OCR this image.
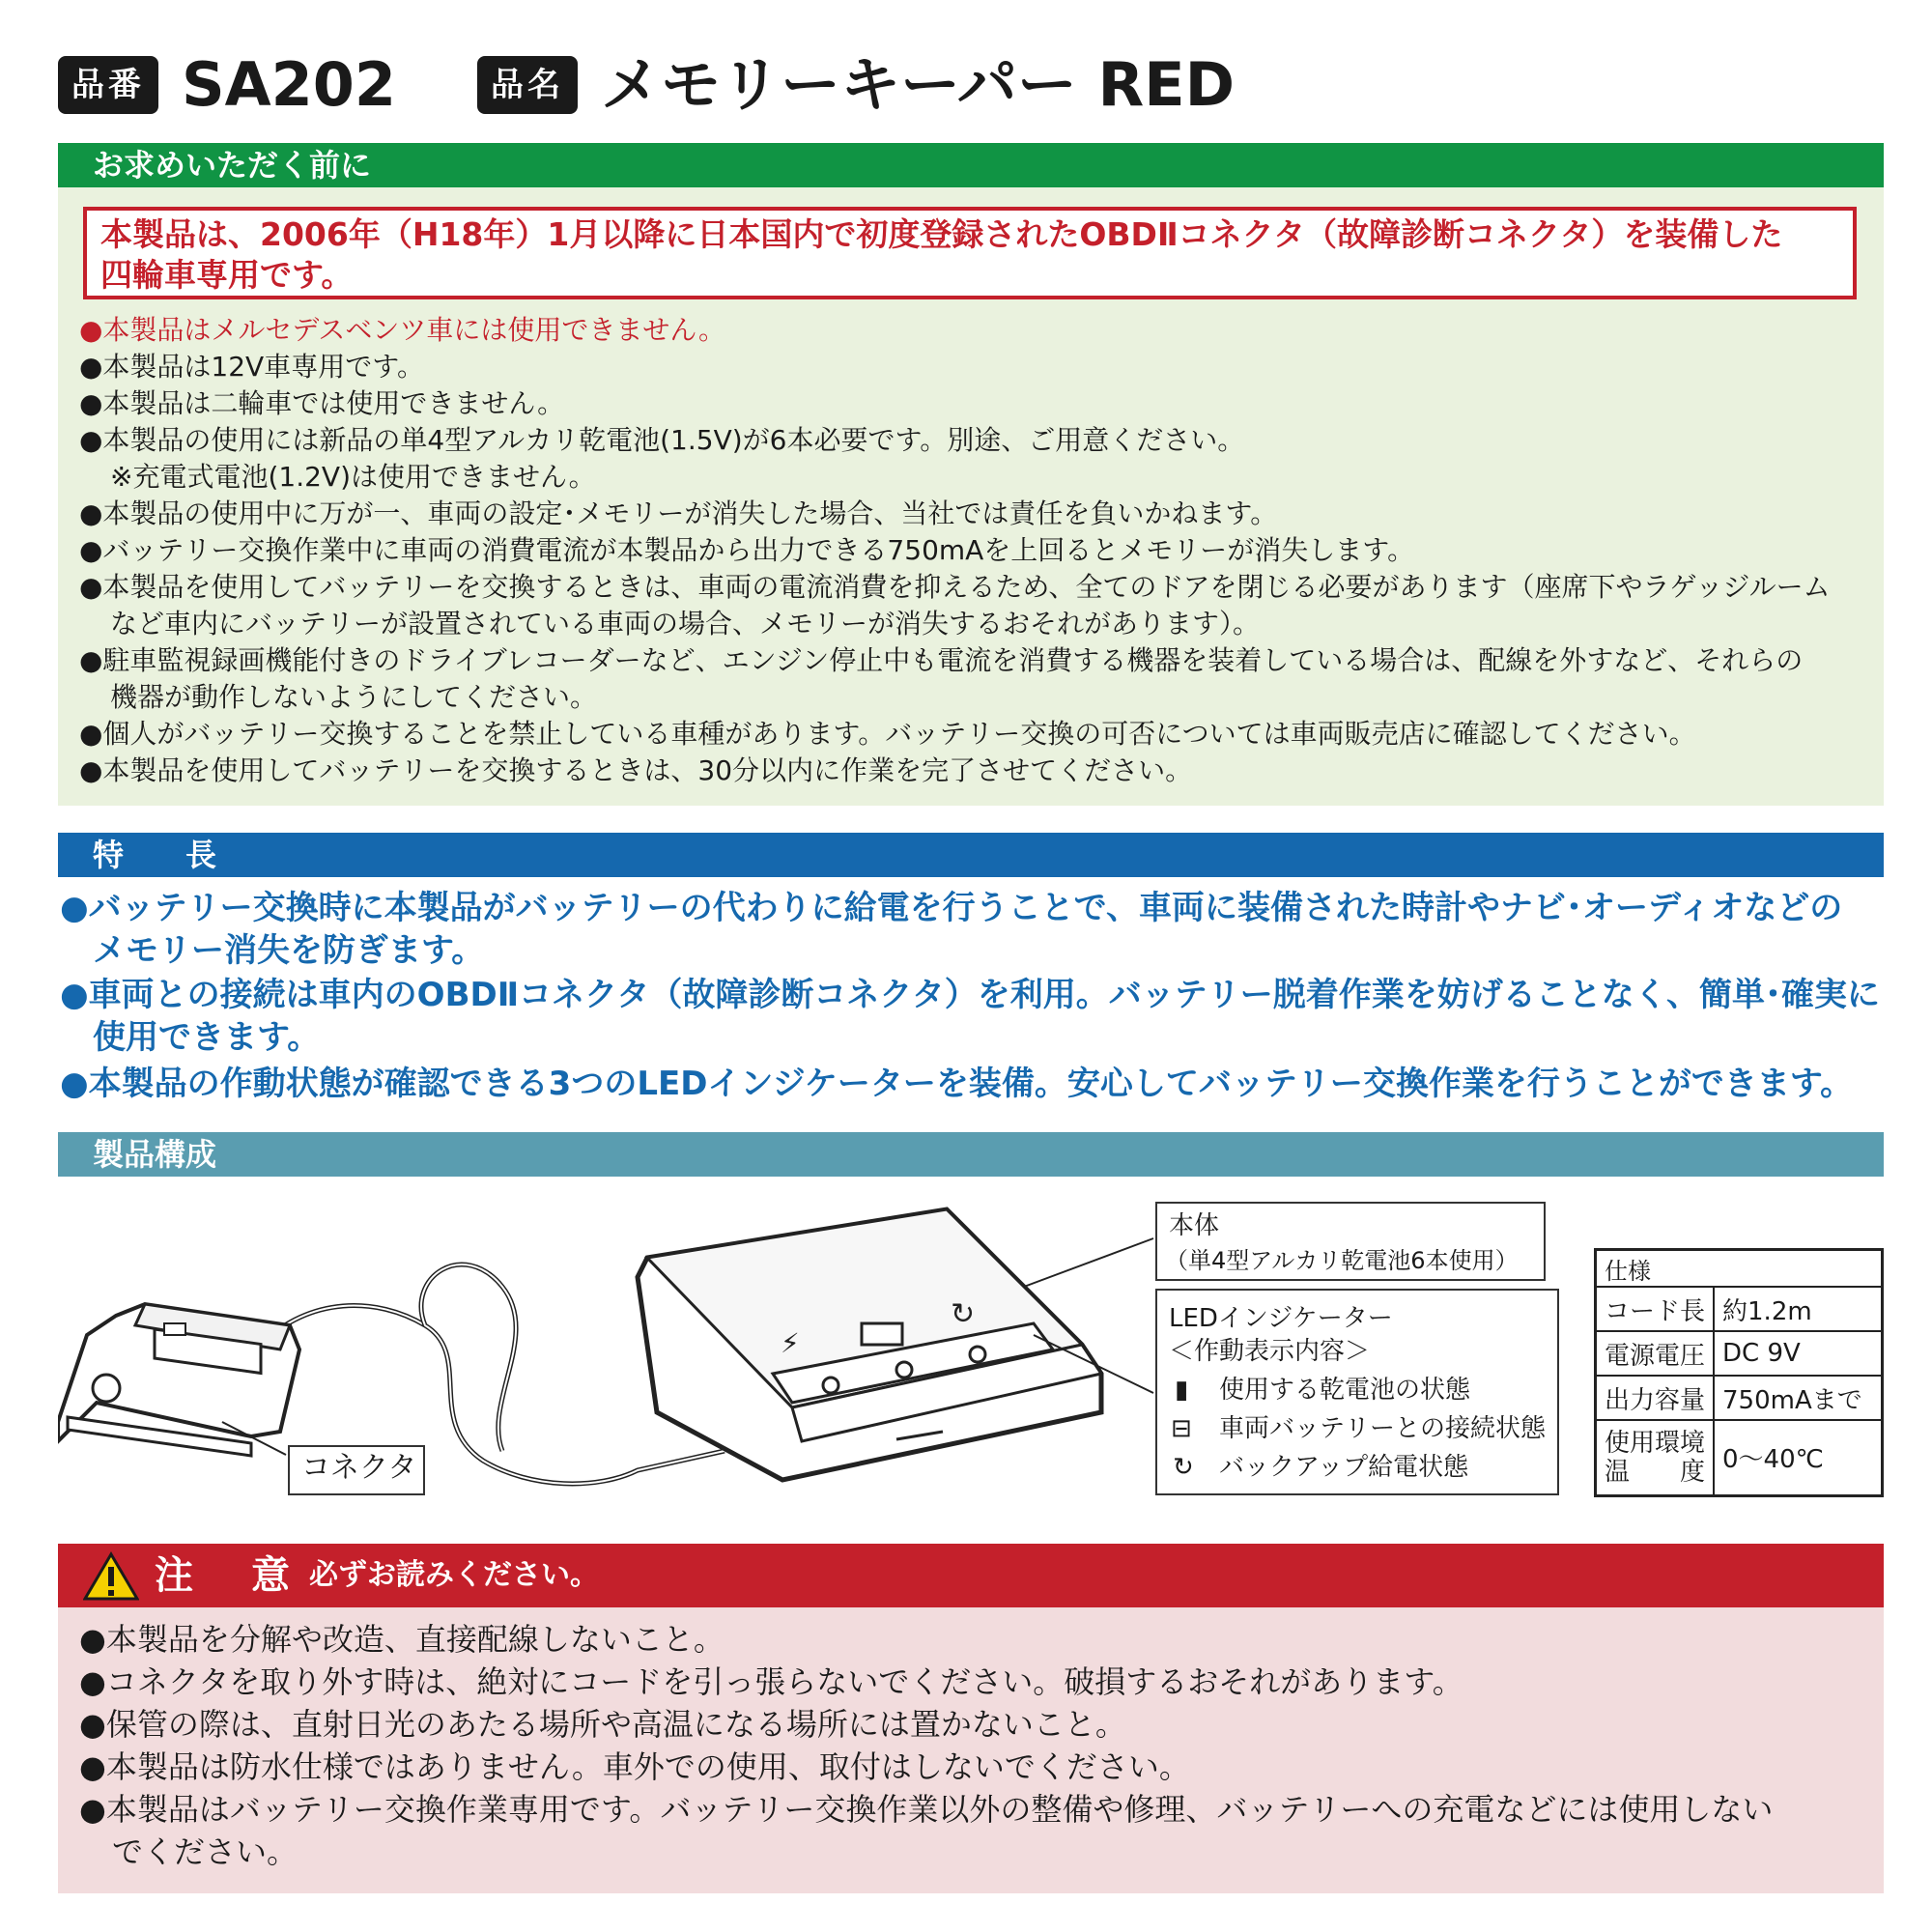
品番 SA202	品名 メモリーキーパー RED
お求めいただく前に
本製品は、2006年（H18年）1月以降に日本国内で初度登録されたOBDⅡコネクタ（故障診断コネクタ）を装備した
四輪車専用です。
●本製品はメルセデスベンツ車には使用できません。
●本製品は12V車専用です。
●本製品は二輪車では使用できません。
●本製品の使用には新品の単4型アルカリ乾電池(1.5V)が6本必要です。別途、ご用意ください。
※充電式電池(1.2V)は使用できません。
●本製品の使用中に万が一、車両の設定･メモリーが消失した場合、当社では責任を負いかねます。
●バッテリー交換作業中に車両の消費電流が本製品から出力できる750mAを上回るとメモリーが消失します。
●本製品を使用してバッテリーを交換するときは、車両の電流消費を抑えるため、全てのドアを閉じる必要があります（座席下やラゲッジルーム
など車内にバッテリーが設置されている車両の場合、メモリーが消失するおそれがあります）。
●駐車監視録画機能付きのドライブレコーダーなど、エンジン停止中も電流を消費する機器を装着している場合は、配線を外すなど、それらの
機器が動作しないようにしてください。
●個人がバッテリー交換することを禁止している車種があります。バッテリー交換の可否については車両販売店に確認してください。
●本製品を使用してバッテリーを交換するときは、30分以内に作業を完了させてください。
特　　長
●バッテリー交換時に本製品がバッテリーの代わりに給電を行うことで、車両に装備された時計やナビ･オーディオなどの
メモリー消失を防ぎます。
●車両との接続は車内のOBDⅡコネクタ（故障診断コネクタ）を利用。バッテリー脱着作業を妨げることなく、簡単･確実に
使用できます。
●本製品の作動状態が確認できる3つのLEDインジケーターを装備。安心してバッテリー交換作業を行うことができます。
製品構成
⚡
↻
コネクタ
本体
（単4型アルカリ乾電池6本使用）
LEDインジケーター
＜作動表示内容＞
▮ 使用する乾電池の状態
⊟ 車両バッテリーとの接続状態
↻ バックアップ給電状態
仕様	
コード長	約1.2m
電源電圧	DC 9V
出力容量	750mAまで
使用環境温　　度	0～40℃
注　意 必ずお読みください。
●本製品を分解や改造、直接配線しないこと。
●コネクタを取り外す時は、絶対にコードを引っ張らないでください。破損するおそれがあります。
●保管の際は、直射日光のあたる場所や高温になる場所には置かないこと。
●本製品は防水仕様ではありません。車外での使用、取付はしないでください。
●本製品はバッテリー交換作業専用です。バッテリー交換作業以外の整備や修理、バッテリーへの充電などには使用しない
でください。
